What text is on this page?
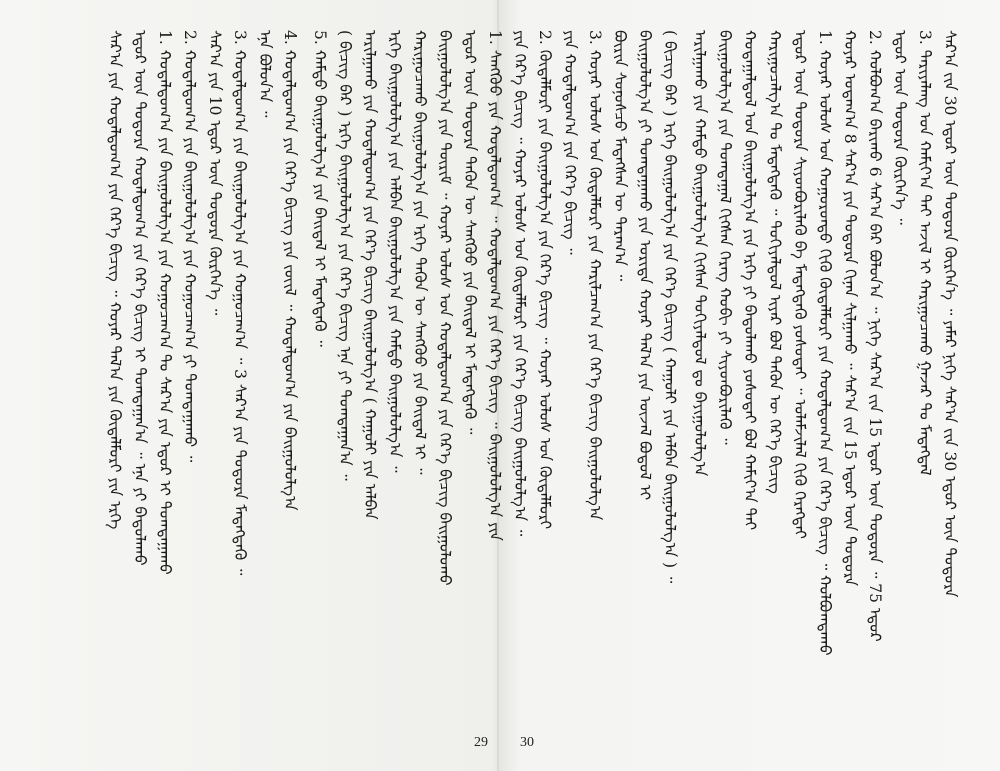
ᠰᠠᠷ᠎ᠠ ᠵᠢᠨ 30 ᠡᠳᠦᠷ ᠦᠨ ᠳᠣᠲᠣᠷᠠ ᠬᠦᠷᠬᠡᠨ᠎ᠡ ᠃ ᠶᠠᠮᠠᠷ ᠨᠢᠭᠡ ᠰᠠᠷ᠎ᠠ ᠵᠢᠨ 30 ᠡᠳᠦᠷ ᠦᠨ ᠳᠣᠲᠣᠷᠠ
3. ᠲᠠᠷᠢᠶᠠᠯᠠᠩ ᠤᠨ ᠬᠠᠮᠢᠶ᠎ᠠ ᠲᠠᠢ ᠠᠵᠢᠯ ᠢ ᠬᠠᠷᠢᠭᠤᠴᠠᠬᠤ ᠭᠠᠵᠠᠷ ᠲᠤ ᠮᠡᠳᠡᠭᠳᠡᠯ
ᠡᠳᠦᠷ ᠦᠨ ᠳᠣᠲᠣᠷᠠ ᠬᠦᠷᠭᠡᠨ᠎ᠡ ᠃
2. ᠬᠣᠯᠪᠣᠭ᠎ᠠ ᠪᠠᠷᠢᠬᠤ 6 ᠰᠠᠷ᠎ᠠ ᠪᠠᠷ ᠪᠣᠯᠤᠨ᠎ᠠ ᠃ ᠨᠢᠭᠡ ᠰᠠᠷ᠎ᠠ ᠵᠢᠨ 15 ᠡᠳᠦᠷ ᠦᠨ ᠳᠣᠲᠣᠷᠠ ᠃ 75 ᠡᠳᠦᠷ
ᠬᠣᠶᠠᠷ ᠤᠳᠠᠭ᠎ᠠ 8 ᠰᠠᠷ᠎ᠠ ᠶᠢᠨ ᠳᠣᠲᠣᠷᠠ ᠬᠢᠨᠠᠨ ᠰᠢᠯᠭᠠᠬᠤ ᠃ ᠰᠠᠷ᠎ᠠ ᠵᠢᠨ 15 ᠡᠳᠦᠷ ᠦᠨ ᠳᠣᠲᠣᠷᠠ
1. ᠬᠣᠶᠠᠷ ᠤᠯᠤᠰ ᠤᠨ ᠬᠣᠭᠣᠷᠣᠨᠳᠣ ᠬᠢᠬᠦ ᠬᠥᠳᠡᠯᠮᠦᠷᠢ ᠶᠢᠨ ᠬᠤᠳᠠᠯᠳᠤᠭ᠎ᠠ ᠶᠢᠨ ᠭᠡᠷ᠎ᠡ ᠪᠢᠴᠢᠭ ᠃ ᠬᠣᠯᠪᠣᠭᠳᠠᠬᠤ
ᠡᠳᠦᠷ ᠦᠨ ᠳᠣᠲᠣᠷᠠ ᠰᠢᠶᠳᠪᠦᠷᠢᠯᠡᠬᠦ ᠪᠠ ᠮᠡᠳᠡᠭᠳᠡᠬᠦ ᠶᠣᠰᠣᠲᠠᠢ ᠃ ᠤᠯᠠᠮᠵᠢᠯᠠᠯ ᠬᠢᠬᠦ ᠬᠡᠷᠡᠭᠳᠡᠶ
ᠬᠠᠷᠢᠭᠤᠴᠠᠯᠭ᠎ᠠ ᠲᠤ ᠮᠡᠳᠡᠭᠳᠡᠬᠦ ᠃ ᠲᠣᠬᠢᠶᠠᠯᠳᠤᠯ ᠢᠶᠡᠷ ᠪᠣᠯ ᠲᠡᠭᠦᠨ ᠦ ᠭᠡᠷ᠎ᠡ ᠪᠢᠴᠢᠭ
ᠬᠤᠲᠠᠭᠠᠯᠳᠤᠯ ᠤᠨ ᠪᠠᠢᠭᠤᠯᠤᠯᠭ᠎ᠠ ᠶᠢᠨ ᠡᠷᠬᠡ ᠶᠢ ᠪᠠᠲᠤᠯᠠᠬᠤ ᠶᠣᠰᠣᠲᠠᠢ ᠪᠣᠯ ᠬᠠᠮᠢᠶ᠎ᠠ ᠲᠠᠢ
ᠪᠠᠢᠭᠤᠯᠤᠯᠭ᠎ᠠ ᠶᠢᠨ ᠲᠣᠭᠲᠠᠭᠠᠯ ᠬᠢᠭᠰᠡᠨ ᠬᠡᠷᠡᠭ ᠬᠤᠪᠢ ᠶᠢ ᠰᠢᠶᠳᠪᠦᠷᠢᠯᠡᠬᠦ ᠃
ᠠᠷᠢᠯᠭᠠᠬᠤ ᠶᠢᠨ ᠬᠠᠮᠲᠤ ᠪᠠᠢᠭᠤᠯᠤᠯᠭ᠎ᠠ ᠬᠢᠭᠰᠡᠨ ᠲᠣᠬᠢᠶᠠᠯᠳᠤᠯ ᠳᠤ ᠪᠠᠶᠢᠭᠤᠯᠤᠯᠭ᠎ᠠ
( ᠪᠢᠴᠢᠭ ᠪᠠᠷ ) ᠡᠷᠬᠡ ᠪᠠᠢᠭᠤᠯᠤᠯᠭ᠎ᠠ ᠶᠢᠨ ᠭᠡᠷ᠎ᠡ ᠪᠢᠴᠢᠭ ( ᠬᠠᠭᠤᠯᠢ ᠶᠢᠨ ᠠᠯᠪᠠᠨ ᠪᠠᠢᠭᠤᠯᠤᠯᠭ᠎ᠠ ) ᠃
ᠪᠠᠢᠭᠤᠯᠤᠯᠭ᠎ᠠ ᠶᠢ ᠲᠣᠭᠲᠠᠭᠠᠬᠤ ᠶᠢᠨ ᠤᠷᠢᠳᠠ ᠬᠣᠶᠠᠷ ᠲᠠᠯ᠎ᠠ ᠶᠢᠨ ᠦᠵᠡᠯ ᠪᠣᠳᠤᠯ ᠢ
ᠪᠦᠷᠢᠨ ᠰᠣᠨᠣᠰᠴᠤ ᠮᠡᠳᠡᠭᠰᠡᠨ ᠦ ᠳᠠᠷᠠᠭ᠎ᠠ ᠃
3. ᠬᠣᠶᠠᠷ ᠤᠯᠤᠰ ᠤᠨ ᠬᠥᠳᠡᠯᠮᠦᠷᠢ ᠶᠢᠨ ᠬᠠᠷᠢᠯᠴᠠᠭ᠎ᠠ ᠶᠢᠨ ᠭᠡᠷ᠎ᠡ ᠪᠢᠴᠢᠭ ᠪᠠᠢᠭᠤᠯᠤᠯᠭ᠎ᠠ
ᠶᠢᠨ ᠬᠤᠳᠠᠯᠳᠤᠭ᠎ᠠ ᠶᠢᠨ ᠭᠡᠷ᠎ᠡ ᠪᠢᠴᠢᠭ ᠃
2. ᠬᠥᠳᠡᠯᠮᠦᠷᠢ ᠶᠢᠨ ᠪᠠᠢᠭᠤᠯᠤᠯᠭ᠎ᠠ ᠶᠢᠨ ᠭᠡᠷ᠎ᠡ ᠪᠢᠴᠢᠭ ᠃ ᠬᠣᠶᠠᠷ ᠤᠯᠤᠰ ᠤᠨ ᠬᠥᠳᠡᠯᠮᠦᠷᠢ
ᠶᠢᠨ ᠭᠡᠷ᠎ᠡ ᠪᠢᠴᠢᠭ ᠃ ᠬᠣᠶᠠᠷ ᠤᠯᠤᠰ ᠤᠨ ᠬᠥᠳᠡᠯᠮᠦᠷᠢ ᠶᠢᠨ ᠭᠡᠷ᠎ᠡ ᠪᠢᠴᠢᠭ ᠪᠠᠢᠭᠤᠯᠤᠯᠭ᠎ᠠ ᠃
1. ᠰᠠᠩᠬᠦᠦ ᠶᠢᠨ ᠬᠤᠳᠠᠯᠳᠤᠭ᠎ᠠ ᠃ ᠬᠤᠳᠠᠯᠳᠤᠭ᠎ᠠ ᠶᠢᠨ ᠭᠡᠷ᠎ᠡ ᠪᠢᠴᠢᠭ ᠃ ᠪᠠᠢᠭᠤᠯᠤᠯᠭ᠎ᠠ ᠶᠢᠨ
ᠡᠳᠦᠷ ᠦᠨ ᠳᠣᠲᠣᠷᠠ ᠲᠡᠭᠦᠨ ᠦ ᠰᠠᠩᠬᠦᠦ ᠶᠢᠨ ᠪᠠᠢᠳᠠᠯ ᠢ ᠮᠡᠳᠡᠭᠳᠡᠬᠦ ᠃
ᠪᠠᠢᠭᠤᠯᠤᠯᠭ᠎ᠠ ᠶᠢᠨ ᠳᠦᠷᠢᠮ ᠃ ᠬᠣᠶᠠᠷ ᠤᠯᠤᠰ ᠤᠨ ᠬᠤᠳᠠᠯᠳᠤᠭ᠎ᠠ ᠶᠢᠨ ᠭᠡᠷ᠎ᠡ ᠪᠢᠴᠢᠭ ᠪᠠᠢᠭᠤᠯᠤᠬᠤ
ᠬᠠᠷᠢᠭᠤᠴᠠᠬᠤ ᠪᠠᠢᠭᠤᠯᠤᠯᠭ᠎ᠠ ᠶᠢᠨ ᠡᠷᠬᠡ ᠲᠡᠭᠦᠨ ᠦ ᠰᠠᠩᠬᠦᠦ ᠶᠢᠨ ᠪᠠᠢᠳᠠᠯ ᠢ ᠃
ᠡᠷᠬᠡ ᠪᠠᠢᠭᠤᠯᠤᠯᠭ᠎ᠠ ᠶᠢᠨ ᠠᠯᠪᠠᠨ ᠪᠠᠢᠭᠤᠯᠤᠯᠭ᠎ᠠ ᠶᠢᠨ ᠬᠠᠮᠲᠤ ᠪᠠᠢᠭᠤᠯᠤᠯᠭ᠎ᠠ ᠃
ᠠᠷᠢᠯᠭᠠᠬᠤ ᠶᠢᠨ ᠬᠤᠳᠠᠯᠳᠤᠭ᠎ᠠ ᠶᠢᠨ ᠭᠡᠷ᠎ᠡ ᠪᠢᠴᠢᠭ ᠪᠠᠢᠭᠤᠯᠤᠯᠭ᠎ᠠ ( ᠬᠠᠭᠤᠯᠢ ᠶᠢᠨ ᠠᠯᠪᠠᠨ
( ᠪᠢᠴᠢᠭ ᠪᠠᠷ ) ᠡᠷᠬᠡ ᠪᠠᠢᠭᠤᠯᠤᠯᠭ᠎ᠠ ᠶᠢᠨ ᠭᠡᠷ᠎ᠡ ᠪᠢᠴᠢᠭ ᠡᠨᠡ ᠶᠢ ᠲᠣᠭᠲᠠᠭᠠᠨ᠎ᠠ ᠃
5. ᠬᠠᠮᠲᠤ ᠪᠠᠢᠭᠤᠯᠤᠯᠭ᠎ᠠ ᠶᠢᠨ ᠪᠠᠢᠳᠠᠯ ᠢ ᠮᠡᠳᠡᠭᠳᠡᠬᠦ ᠃
4. ᠬᠤᠳᠠᠯᠳᠤᠭ᠎ᠠ ᠶᠢᠨ ᠭᠡᠷ᠎ᠡ ᠪᠢᠴᠢᠭ ᠶᠢᠨ ᠵᠦᠢᠯ ᠃ ᠬᠤᠳᠠᠯᠳᠤᠭ᠎ᠠ ᠶᠢᠨ ᠪᠠᠢᠭᠤᠯᠤᠯᠭ᠎ᠠ
ᠡᠨᠡ ᠪᠣᠯᠤᠨ᠎ᠠ ᠃
3. ᠬᠤᠳᠠᠯᠳᠤᠭ᠎ᠠ ᠶᠢᠨ ᠪᠠᠢᠭᠤᠯᠤᠯᠭ᠎ᠠ ᠶᠢᠨ ᠬᠤᠭᠤᠴᠠᠭ᠎ᠠ ᠃ 3 ᠰᠠᠷ᠎ᠠ ᠶᠢᠨ ᠳᠣᠲᠣᠷᠠ ᠮᠡᠳᠡᠭᠳᠡᠬᠦ ᠃
ᠰᠠᠷ᠎ᠠ ᠶᠢᠨ 10 ᠡᠳᠦᠷ ᠦᠨ ᠳᠣᠲᠣᠷᠠ ᠬᠦᠷᠭᠡᠨ᠎ᠡ ᠃
2. ᠬᠤᠳᠠᠯᠳᠤᠭ᠎ᠠ ᠶᠢᠨ ᠪᠠᠢᠭᠤᠯᠤᠯᠭ᠎ᠠ ᠶᠢᠨ ᠬᠤᠭᠤᠴᠠᠭ᠎ᠠ ᠶᠢ ᠲᠣᠭᠲᠠᠭᠠᠬᠤ ᠃
1. ᠬᠤᠳᠠᠯᠳᠤᠭ᠎ᠠ ᠶᠢᠨ ᠪᠠᠢᠭᠤᠯᠤᠯᠭ᠎ᠠ ᠶᠢᠨ ᠬᠤᠭᠤᠴᠠᠭ᠎ᠠ ᠲᠤ ᠰᠠᠷ᠎ᠠ ᠶᠢᠨ ᠡᠳᠦᠷ ᠢ ᠲᠣᠭᠲᠠᠭᠠᠬᠤ
ᠡᠳᠦᠷ ᠦᠨ ᠳᠣᠲᠣᠷᠠ ᠬᠤᠳᠠᠯᠳᠤᠭ᠎ᠠ ᠶᠢᠨ ᠭᠡᠷ᠎ᠡ ᠪᠢᠴᠢᠭ ᠢ ᠲᠣᠭᠲᠠᠭᠠᠨ᠎ᠠ ᠃ ᠡᠨᠡ ᠶᠢ ᠪᠠᠲᠤᠯᠠᠬᠤ
ᠰᠠᠷ᠎ᠠ ᠶᠢᠨ ᠬᠤᠳᠠᠯᠳᠤᠭ᠎ᠠ ᠶᠢᠨ ᠭᠡᠷ᠎ᠡ ᠪᠢᠴᠢᠭ ᠃ ᠬᠣᠶᠠᠷ ᠲᠠᠯ᠎ᠠ ᠶᠢᠨ ᠬᠥᠳᠡᠯᠮᠦᠷᠢ ᠶᠢᠨ ᠡᠷᠬᠡ
29 30
